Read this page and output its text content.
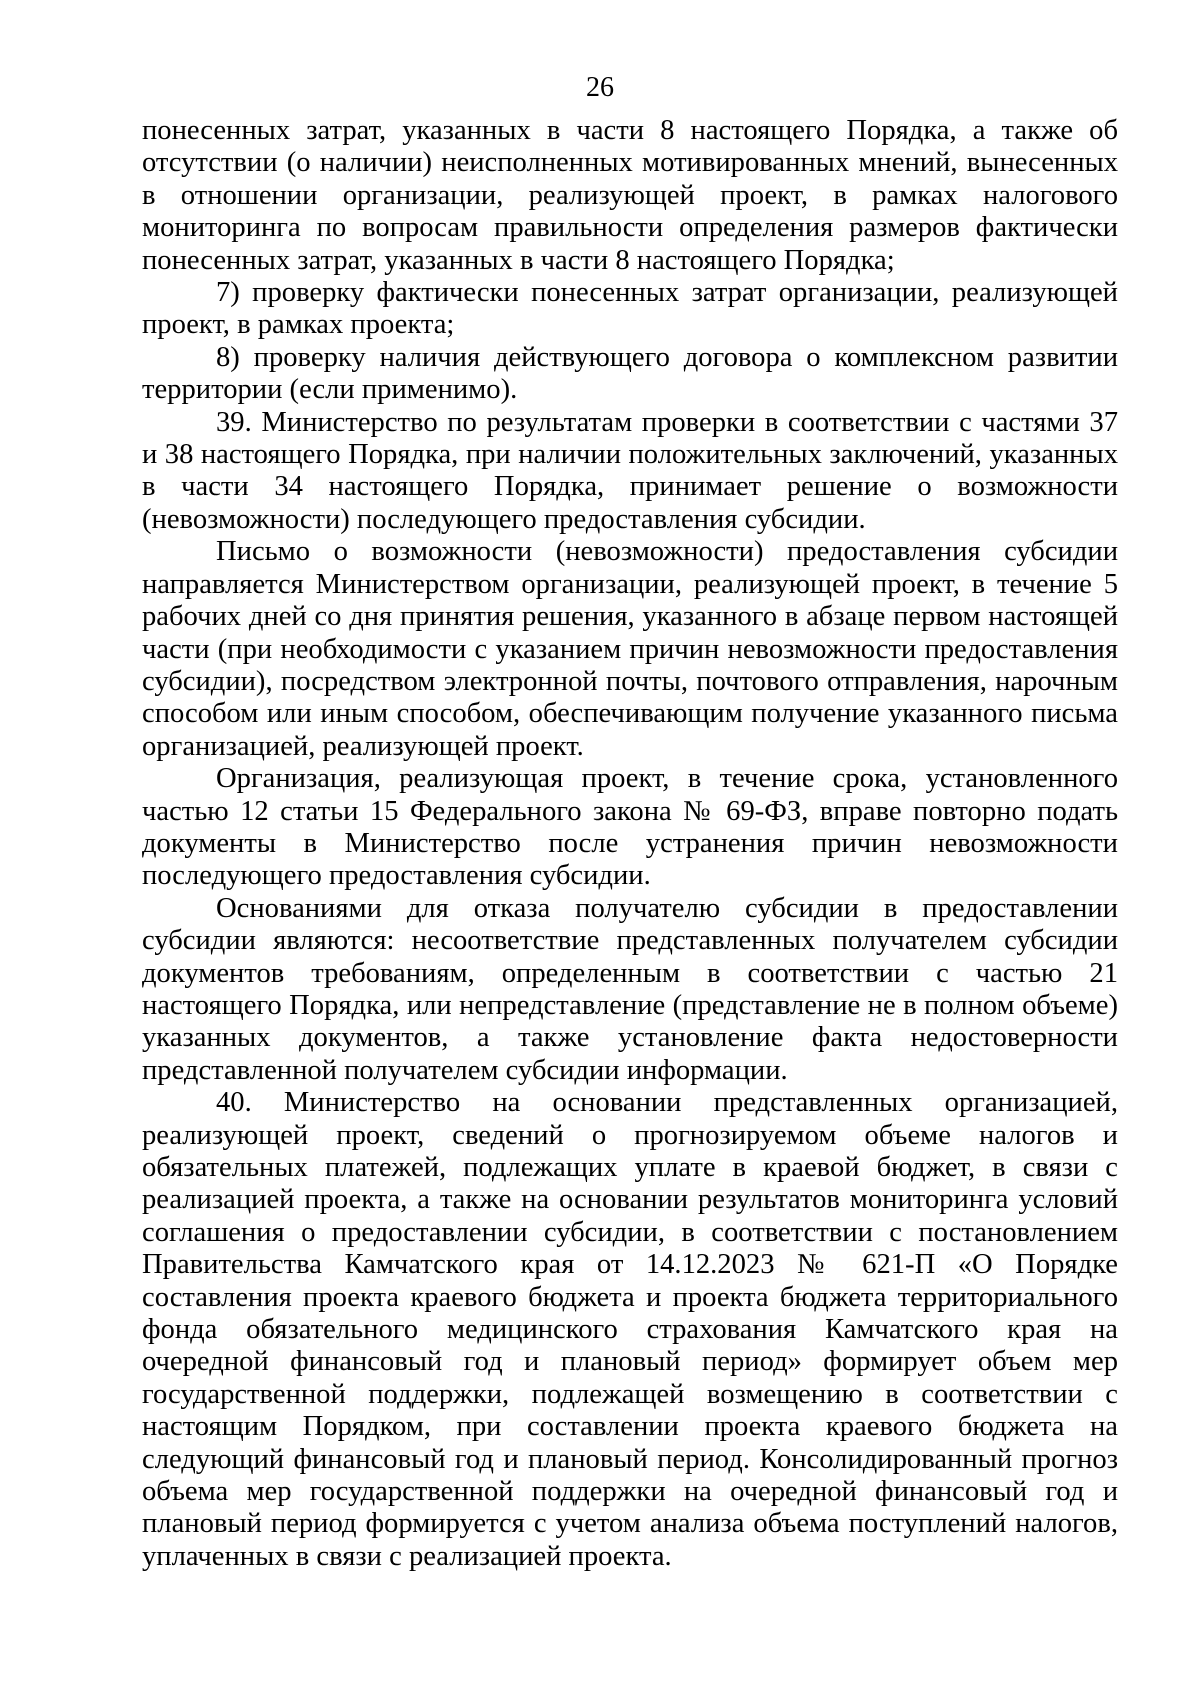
26

понесенных затрат, указанных в части 8 настоящего Порядка, а также об отсутствии (о наличии) неисполненных мотивированных мнений, вынесенных в отношении организации, реализующей проект, в рамках налогового мониторинга по вопросам правильности определения размеров фактически понесенных затрат, указанных в части 8 настоящего Порядка;

7) проверку фактически понесенных затрат организации, реализующей проект, в рамках проекта;

8) проверку наличия действующего договора о комплексном развитии территории (если применимо).

39. Министерство по результатам проверки в соответствии с частями 37 и 38 настоящего Порядка, при наличии положительных заключений, указанных в части 34 настоящего Порядка, принимает решение о возможности (невозможности) последующего предоставления субсидии.

Письмо о возможности (невозможности) предоставления субсидии направляется Министерством организации, реализующей проект, в течение 5 рабочих дней со дня принятия решения, указанного в абзаце первом настоящей части (при необходимости с указанием причин невозможности предоставления субсидии), посредством электронной почты, почтового отправления, нарочным способом или иным способом, обеспечивающим получение указанного письма организацией, реализующей проект.

Организация, реализующая проект, в течение срока, установленного частью 12 статьи 15 Федерального закона № 69-ФЗ, вправе повторно подать документы в Министерство после устранения причин невозможности последующего предоставления субсидии.

Основаниями для отказа получателю субсидии в предоставлении субсидии являются: несоответствие представленных получателем субсидии документов требованиям, определенным в соответствии с частью 21 настоящего Порядка, или непредставление (представление не в полном объеме) указанных документов, а также установление факта недостоверности представленной получателем субсидии информации.

40. Министерство на основании представленных организацией, реализующей проект, сведений о прогнозируемом объеме налогов и обязательных платежей, подлежащих уплате в краевой бюджет, в связи с реализацией проекта, а также на основании результатов мониторинга условий соглашения о предоставлении субсидии, в соответствии с постановлением Правительства Камчатского края от 14.12.2023 № 621-П «О Порядке составления проекта краевого бюджета и проекта бюджета территориального фонда обязательного медицинского страхования Камчатского края на очередной финансовый год и плановый период» формирует объем мер государственной поддержки, подлежащей возмещению в соответствии с настоящим Порядком, при составлении проекта краевого бюджета на следующий финансовый год и плановый период. Консолидированный прогноз объема мер государственной поддержки на очередной финансовый год и плановый период формируется с учетом анализа объема поступлений налогов, уплаченных в связи с реализацией проекта.
